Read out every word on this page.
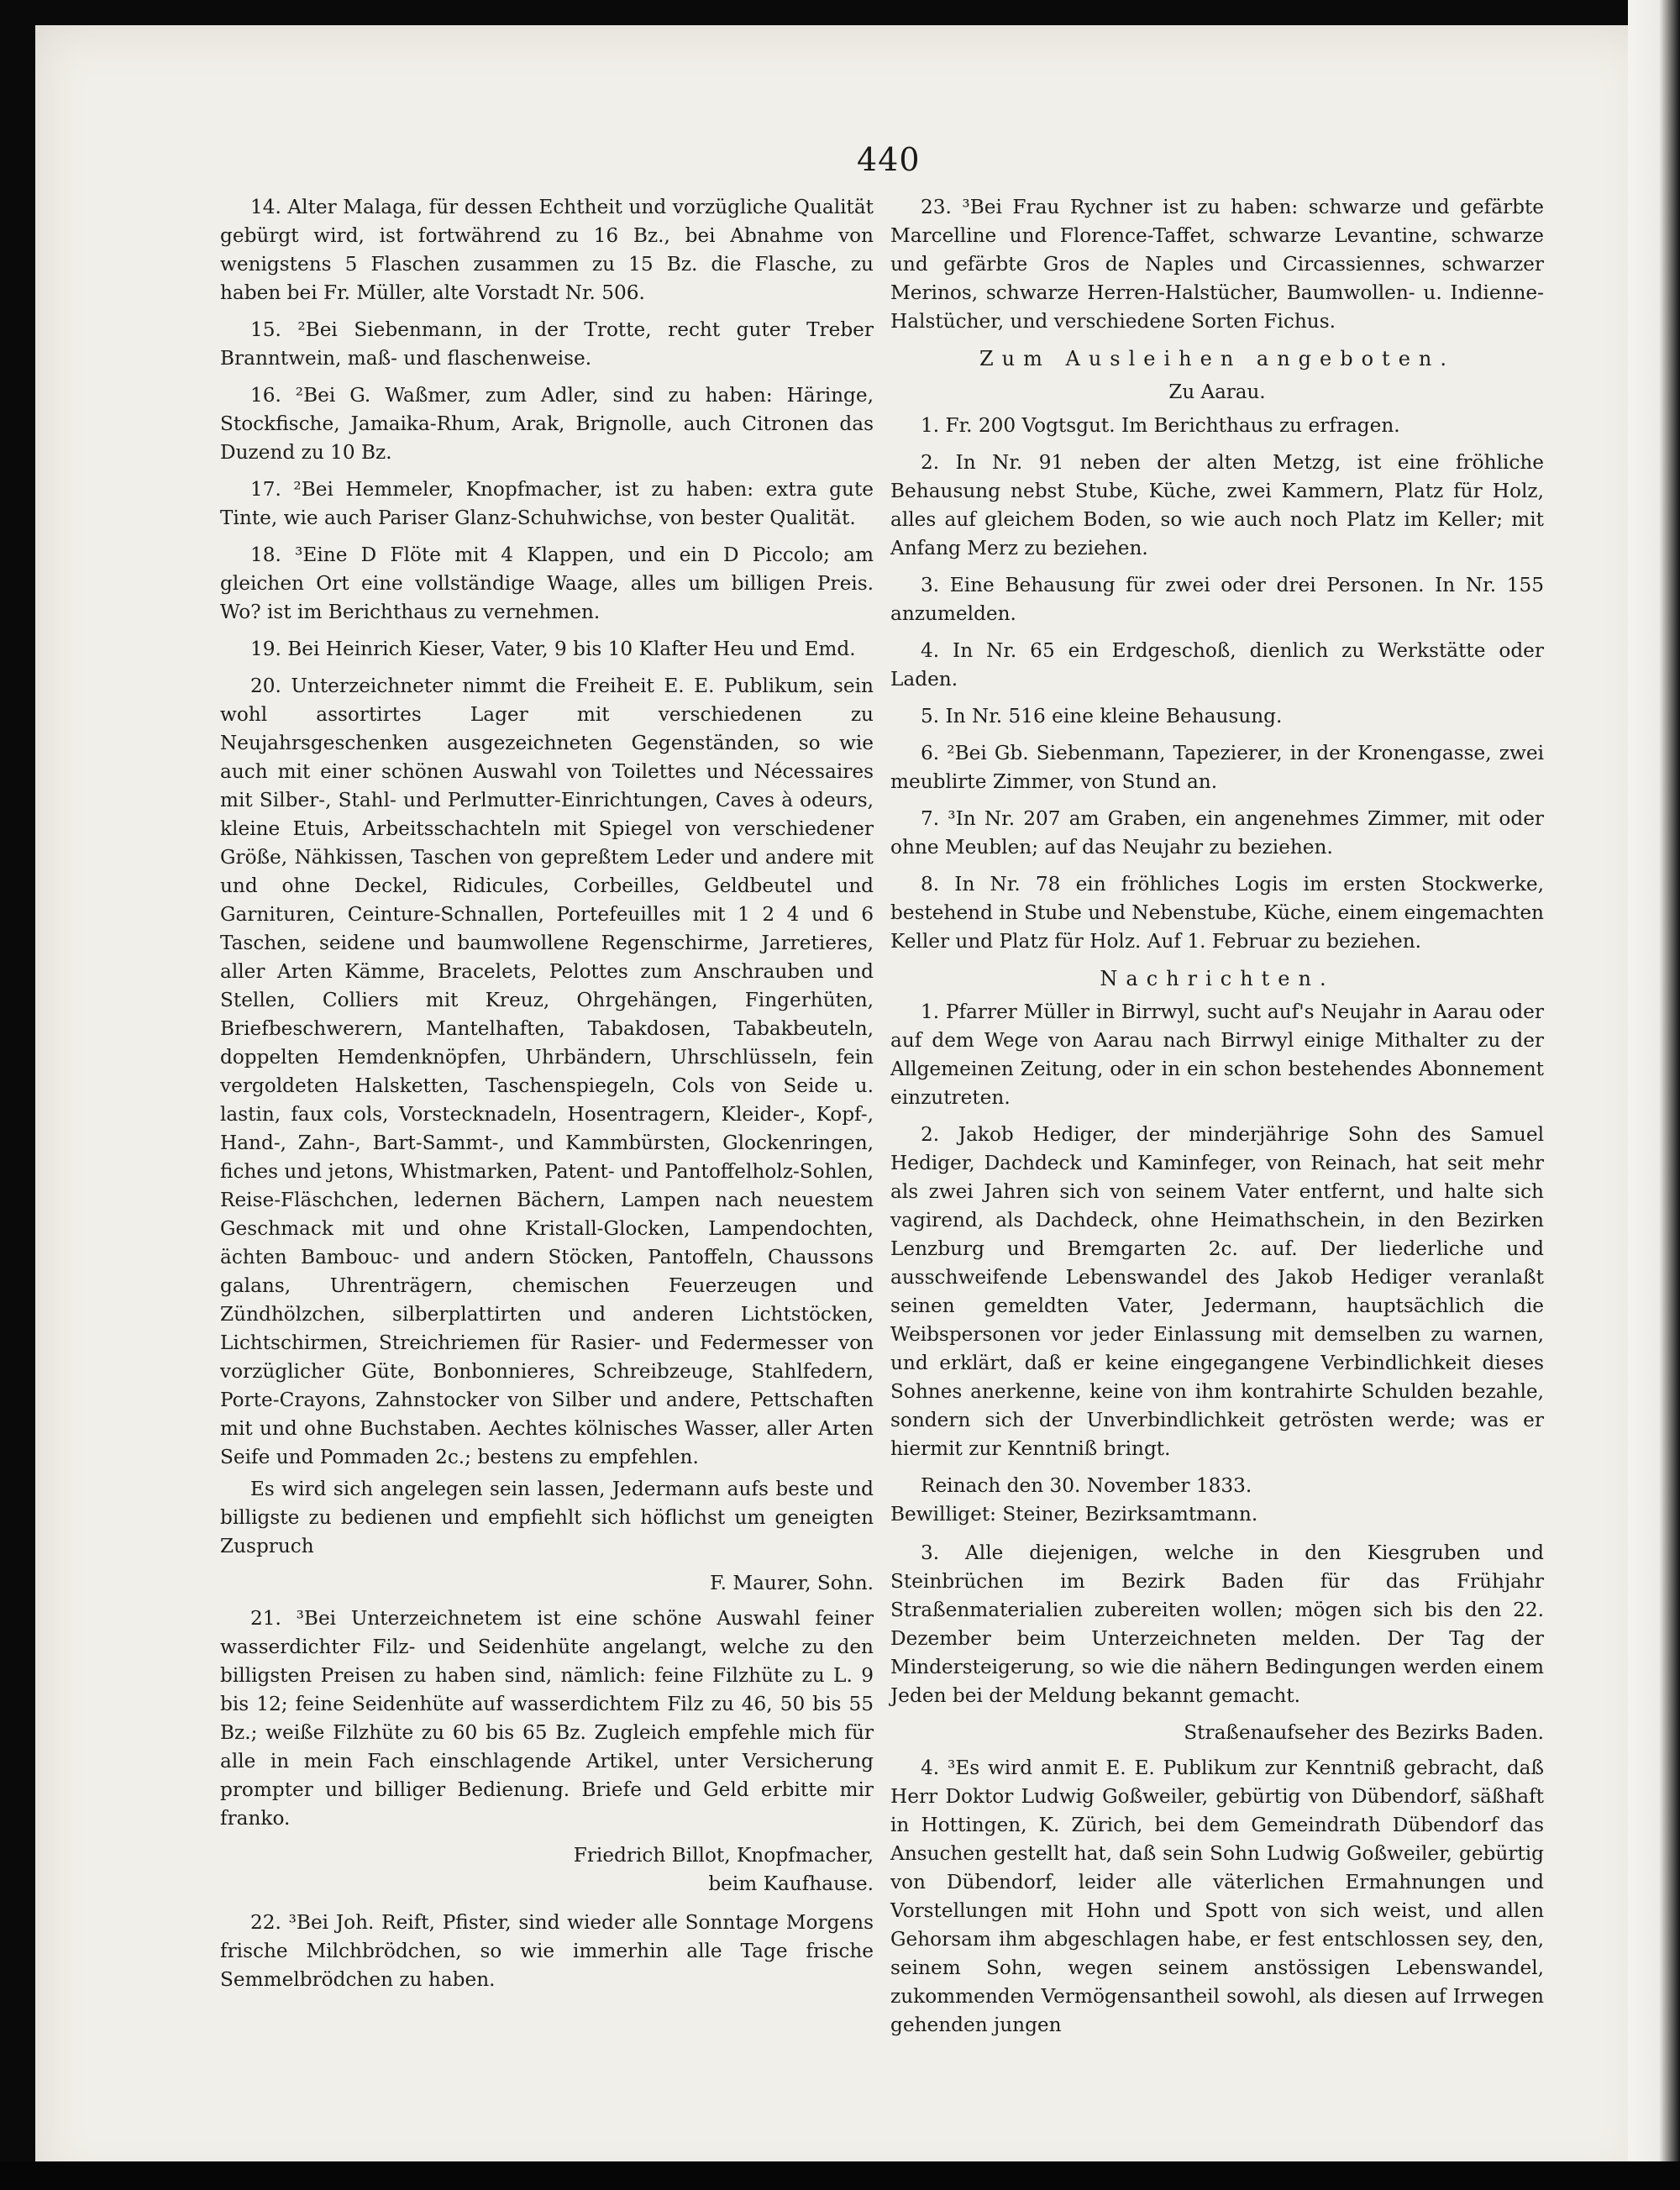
440

14. Alter Malaga, für dessen Echtheit und vorzügliche Qualität gebürgt wird, ist fortwährend zu 16 Bz., bei Abnahme von wenigstens 5 Flaschen zusammen zu 15 Bz. die Flasche, zu haben bei Fr. Müller, alte Vorstadt Nr. 506.

15. ²Bei Siebenmann, in der Trotte, recht guter Treber Branntwein, maß- und flaschenweise.

16. ²Bei G. Waßmer, zum Adler, sind zu haben: Häringe, Stockfische, Jamaika-Rhum, Arak, Brignolle, auch Citronen das Duzend zu 10 Bz.

17. ²Bei Hemmeler, Knopfmacher, ist zu haben: extra gute Tinte, wie auch Pariser Glanz-Schuhwichse, von bester Qualität.

18. ³Eine D Flöte mit 4 Klappen, und ein D Piccolo; am gleichen Ort eine vollständige Waage, alles um billigen Preis. Wo? ist im Berichthaus zu vernehmen.

19. Bei Heinrich Kieser, Vater, 9 bis 10 Klafter Heu und Emd.

20. Unterzeichneter nimmt die Freiheit E. E. Publikum, sein wohl assortirtes Lager mit verschiedenen zu Neujahrsgeschenken ausgezeichneten Gegenständen, so wie auch mit einer schönen Auswahl von Toilettes und Nécessaires mit Silber-, Stahl- und Perlmutter-Einrichtungen, Caves à odeurs, kleine Etuis, Arbeitsschachteln mit Spiegel von verschiedener Größe, Nähkissen, Taschen von gepreßtem Leder und andere mit und ohne Deckel, Ridicules, Corbeilles, Geldbeutel und Garnituren, Ceinture-Schnallen, Portefeuilles mit 1 2 4 und 6 Taschen, seidene und baumwollene Regenschirme, Jarretieres, aller Arten Kämme, Bracelets, Pelottes zum Anschrauben und Stellen, Colliers mit Kreuz, Ohrgehängen, Fingerhüten, Briefbeschwerern, Mantelhaften, Tabakdosen, Tabakbeuteln, doppelten Hemdenknöpfen, Uhrbändern, Uhrschlüsseln, fein vergoldeten Halsketten, Taschenspiegeln, Cols von Seide u. lastin, faux cols, Vorstecknadeln, Hosentragern, Kleider-, Kopf-, Hand-, Zahn-, Bart-Sammt-, und Kammbürsten, Glockenringen, fiches und jetons, Whistmarken, Patent- und Pantoffelholz-Sohlen, Reise-Fläschchen, ledernen Bächern, Lampen nach neuestem Geschmack mit und ohne Kristall-Glocken, Lampendochten, ächten Bambouc- und andern Stöcken, Pantoffeln, Chaussons galans, Uhrenträgern, chemischen Feuerzeugen und Zündhölzchen, silberplattirten und anderen Lichtstöcken, Lichtschirmen, Streichriemen für Rasier- und Federmesser von vorzüglicher Güte, Bonbonnieres, Schreibzeuge, Stahlfedern, Porte-Crayons, Zahnstocker von Silber und andere, Pettschaften mit und ohne Buchstaben. Aechtes kölnisches Wasser, aller Arten Seife und Pommaden 2c.; bestens zu empfehlen.

Es wird sich angelegen sein lassen, Jedermann aufs beste und billigste zu bedienen und empfiehlt sich höflichst um geneigten Zuspruch

F. Maurer, Sohn.

21. ³Bei Unterzeichnetem ist eine schöne Auswahl feiner wasserdichter Filz- und Seidenhüte angelangt, welche zu den billigsten Preisen zu haben sind, nämlich: feine Filzhüte zu L. 9 bis 12; feine Seidenhüte auf wasserdichtem Filz zu 46, 50 bis 55 Bz.; weiße Filzhüte zu 60 bis 65 Bz. Zugleich empfehle mich für alle in mein Fach einschlagende Artikel, unter Versicherung prompter und billiger Bedienung. Briefe und Geld erbitte mir franko.

Friedrich Billot, Knopfmacher,

beim Kaufhause.

22. ³Bei Joh. Reift, Pfister, sind wieder alle Sonntage Morgens frische Milchbrödchen, so wie immerhin alle Tage frische Semmelbrödchen zu haben.

23. ³Bei Frau Rychner ist zu haben: schwarze und gefärbte Marcelline und Florence-Taffet, schwarze Levantine, schwarze und gefärbte Gros de Naples und Circassiennes, schwarzer Merinos, schwarze Herren-Halstücher, Baumwollen- u. Indienne-Halstücher, und verschiedene Sorten Fichus.

Zum Ausleihen angeboten.
Zu Aarau.

1. Fr. 200 Vogtsgut. Im Berichthaus zu erfragen.

2. In Nr. 91 neben der alten Metzg, ist eine fröhliche Behausung nebst Stube, Küche, zwei Kammern, Platz für Holz, alles auf gleichem Boden, so wie auch noch Platz im Keller; mit Anfang Merz zu beziehen.

3. Eine Behausung für zwei oder drei Personen. In Nr. 155 anzumelden.

4. In Nr. 65 ein Erdgeschoß, dienlich zu Werkstätte oder Laden.

5. In Nr. 516 eine kleine Behausung.

6. ²Bei Gb. Siebenmann, Tapezierer, in der Kronengasse, zwei meublirte Zimmer, von Stund an.

7. ³In Nr. 207 am Graben, ein angenehmes Zimmer, mit oder ohne Meublen; auf das Neujahr zu beziehen.

8. In Nr. 78 ein fröhliches Logis im ersten Stockwerke, bestehend in Stube und Nebenstube, Küche, einem eingemachten Keller und Platz für Holz. Auf 1. Februar zu beziehen.

Nachrichten.

1. Pfarrer Müller in Birrwyl, sucht auf's Neujahr in Aarau oder auf dem Wege von Aarau nach Birrwyl einige Mithalter zu der Allgemeinen Zeitung, oder in ein schon bestehendes Abonnement einzutreten.

2. Jakob Hediger, der minderjährige Sohn des Samuel Hediger, Dachdeck und Kaminfeger, von Reinach, hat seit mehr als zwei Jahren sich von seinem Vater entfernt, und halte sich vagirend, als Dachdeck, ohne Heimathschein, in den Bezirken Lenzburg und Bremgarten 2c. auf. Der liederliche und ausschweifende Lebenswandel des Jakob Hediger veranlaßt seinen gemeldten Vater, Jedermann, hauptsächlich die Weibspersonen vor jeder Einlassung mit demselben zu warnen, und erklärt, daß er keine eingegangene Verbindlichkeit dieses Sohnes anerkenne, keine von ihm kontrahirte Schulden bezahle, sondern sich der Unverbindlichkeit getrösten werde; was er hiermit zur Kenntniß bringt.

Reinach den 30. November 1833.

Bewilliget: Steiner, Bezirksamtmann.

3. Alle diejenigen, welche in den Kiesgruben und Steinbrüchen im Bezirk Baden für das Frühjahr Straßenmaterialien zubereiten wollen; mögen sich bis den 22. Dezember beim Unterzeichneten melden. Der Tag der Mindersteigerung, so wie die nähern Bedingungen werden einem Jeden bei der Meldung bekannt gemacht.

Straßenaufseher des Bezirks Baden.

4. ³Es wird anmit E. E. Publikum zur Kenntniß gebracht, daß Herr Doktor Ludwig Goßweiler, gebürtig von Dübendorf, säßhaft in Hottingen, K. Zürich, bei dem Gemeindrath Dübendorf das Ansuchen gestellt hat, daß sein Sohn Ludwig Goßweiler, gebürtig von Dübendorf, leider alle väterlichen Ermahnungen und Vorstellungen mit Hohn und Spott von sich weist, und allen Gehorsam ihm abgeschlagen habe, er fest entschlossen sey, den, seinem Sohn, wegen seinem anstössigen Lebenswandel, zukommenden Vermögensantheil sowohl, als diesen auf Irrwegen gehenden jungen
